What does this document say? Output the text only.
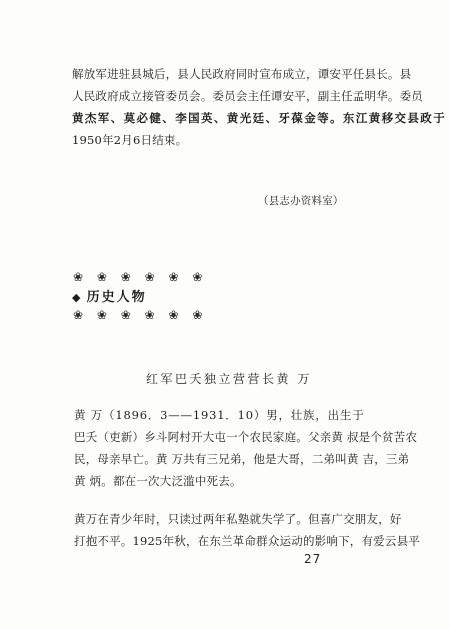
解放军进驻县城后，县人民政府同时宣布成立，谭安平任县长。县
人民政府成立接管委员会。委员会主任谭安平，副主任孟明华。委员
黄杰军、莫必健、李国英、黄光廷、牙葆金等。东江黄移交县政于
1950年2月6日结束。
（县志办资料室）
❀ ❀ ❀ ❀ ❀ ❀
◆ 历史人物
❀ ❀ ❀ ❀ ❀ ❀
红军巴夭独立营营长黄 万
黄 万（1896．3——1931．10）男，壮族，出生于
巴夭（吏新）乡斗阿村开大屯一个农民家庭。父亲黄 叔是个贫苦农
民，母亲早亡。黄 万共有三兄弟，他是大哥，二弟叫黄 吉，三弟
黄 炳。都在一次大泛滥中死去。
黄万在青少年时，只读过两年私塾就失学了。但喜广交朋友，好
打抱不平。1925年秋，在东兰革命群众运动的影响下，有爱云县平
27
